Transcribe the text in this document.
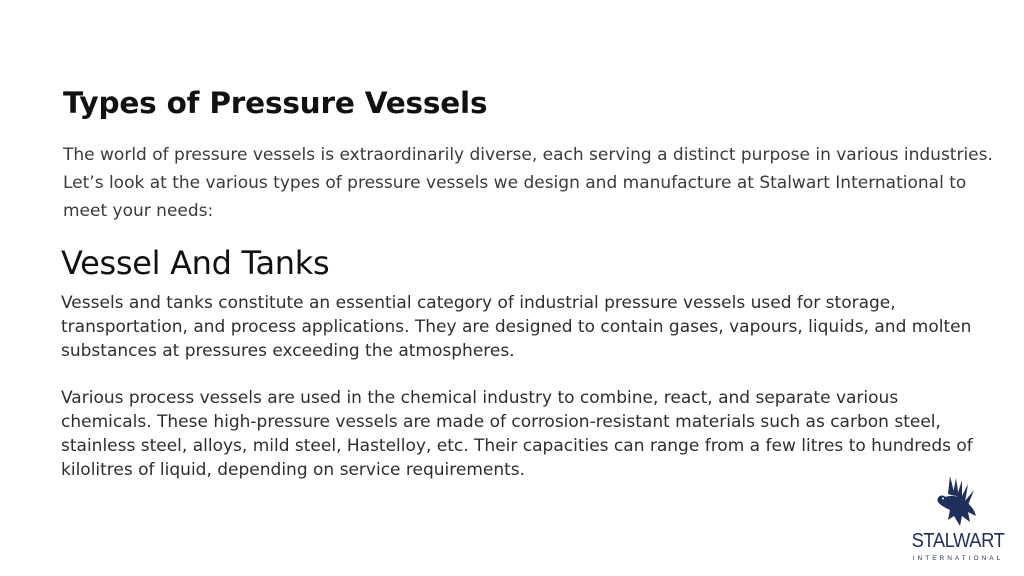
Types of Pressure Vessels

The world of pressure vessels is extraordinarily diverse, each serving a distinct purpose in various industries. Let’s look at the various types of pressure vessels we design and manufacture at Stalwart International to meet your needs:

Vessel And Tanks

Vessels and tanks constitute an essential category of industrial pressure vessels used for storage, transportation, and process applications. They are designed to contain gases, vapours, liquids, and molten substances at pressures exceeding the atmospheres.

Various process vessels are used in the chemical industry to combine, react, and separate various chemicals. These high-pressure vessels are made of corrosion-resistant materials such as carbon steel, stainless steel, alloys, mild steel, Hastelloy, etc. Their capacities can range from a few litres to hundreds of kilolitres of liquid, depending on service requirements.

STALWART
INTERNATIONAL
